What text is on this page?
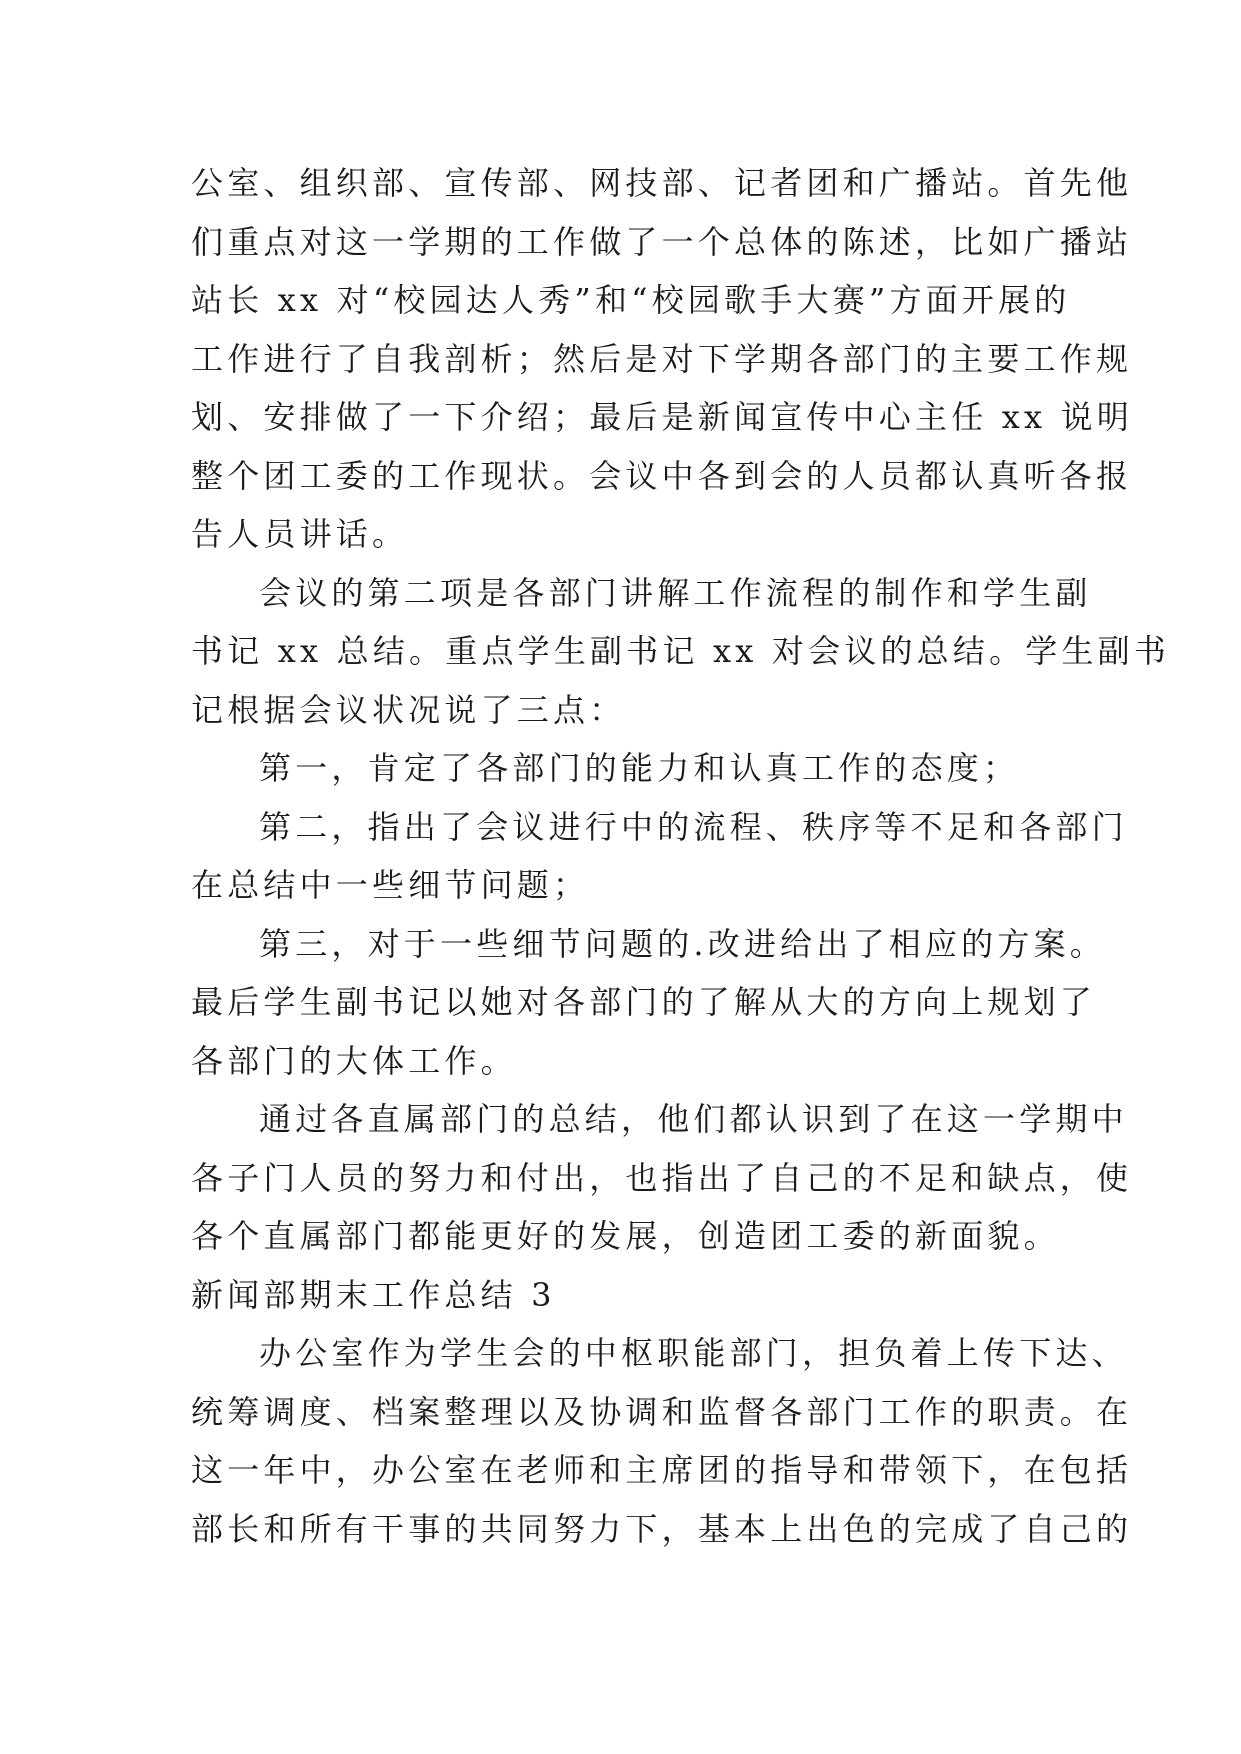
公室、组织部、宣传部、网技部、记者团和广播站。首先他
们重点对这一学期的工作做了一个总体的陈述，比如广播站
站长 xx 对“校园达人秀”和“校园歌手大赛”方面开展的
工作进行了自我剖析；然后是对下学期各部门的主要工作规
划、安排做了一下介绍；最后是新闻宣传中心主任 xx 说明
整个团工委的工作现状。会议中各到会的人员都认真听各报
告人员讲话。
会议的第二项是各部门讲解工作流程的制作和学生副
书记 xx 总结。重点学生副书记 xx 对会议的总结。学生副书
记根据会议状况说了三点：
第一，肯定了各部门的能力和认真工作的态度；
第二，指出了会议进行中的流程、秩序等不足和各部门
在总结中一些细节问题；
第三，对于一些细节问题的.改进给出了相应的方案。
最后学生副书记以她对各部门的了解从大的方向上规划了
各部门的大体工作。
通过各直属部门的总结，他们都认识到了在这一学期中
各子门人员的努力和付出，也指出了自己的不足和缺点，使
各个直属部门都能更好的发展，创造团工委的新面貌。
新闻部期末工作总结 3
办公室作为学生会的中枢职能部门，担负着上传下达、
统筹调度、档案整理以及协调和监督各部门工作的职责。在
这一年中，办公室在老师和主席团的指导和带领下，在包括
部长和所有干事的共同努力下，基本上出色的完成了自己的
